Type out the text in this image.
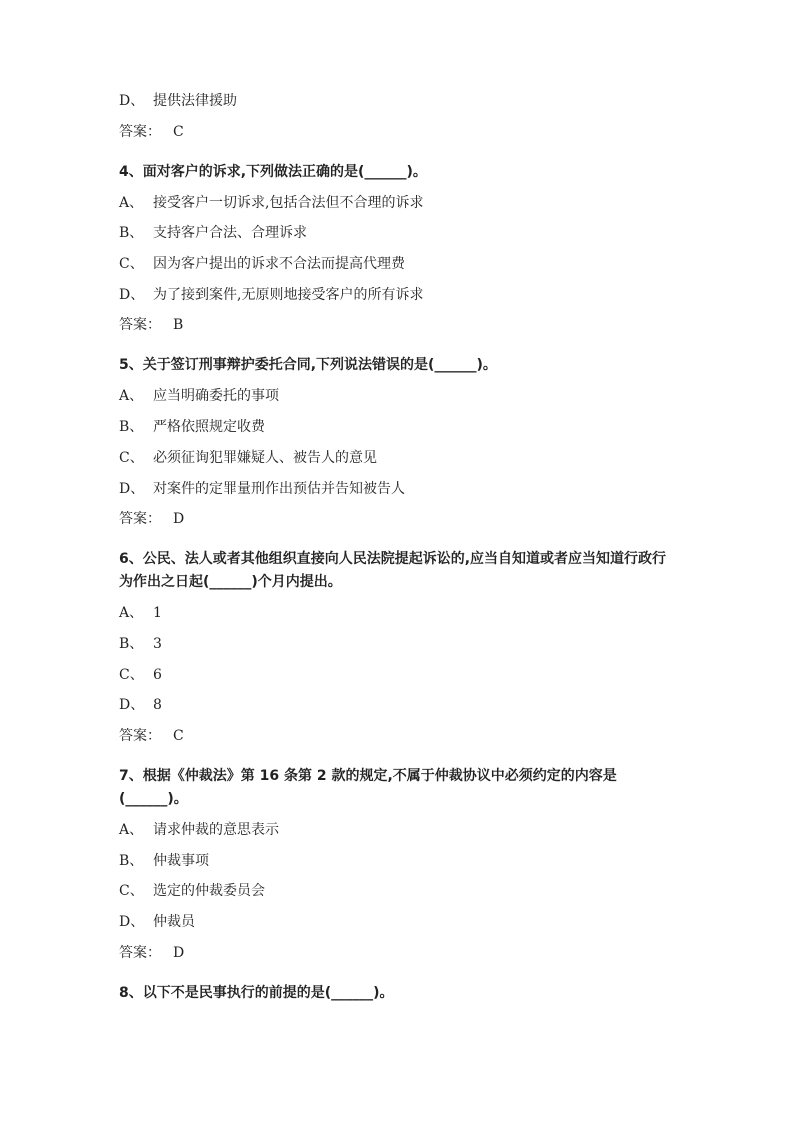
D、 提供法律援助
答案： C
4、面对客户的诉求,下列做法正确的是(______)。
A、 接受客户一切诉求,包括合法但不合理的诉求
B、 支持客户合法、合理诉求
C、 因为客户提出的诉求不合法而提高代理费
D、 为了接到案件,无原则地接受客户的所有诉求
答案： B
5、关于签订刑事辩护委托合同,下列说法错误的是(______)。
A、 应当明确委托的事项
B、 严格依照规定收费
C、 必须征询犯罪嫌疑人、被告人的意见
D、 对案件的定罪量刑作出预估并告知被告人
答案： D
6、公民、法人或者其他组织直接向人民法院提起诉讼的,应当自知道或者应当知道行政行为作出之日起(______)个月内提出。
A、 1
B、 3
C、 6
D、 8
答案： C
7、根据《仲裁法》第 16 条第 2 款的规定,不属于仲裁协议中必须约定的内容是(______)。
A、 请求仲裁的意思表示
B、 仲裁事项
C、 选定的仲裁委员会
D、 仲裁员
答案： D
8、以下不是民事执行的前提的是(______)。
